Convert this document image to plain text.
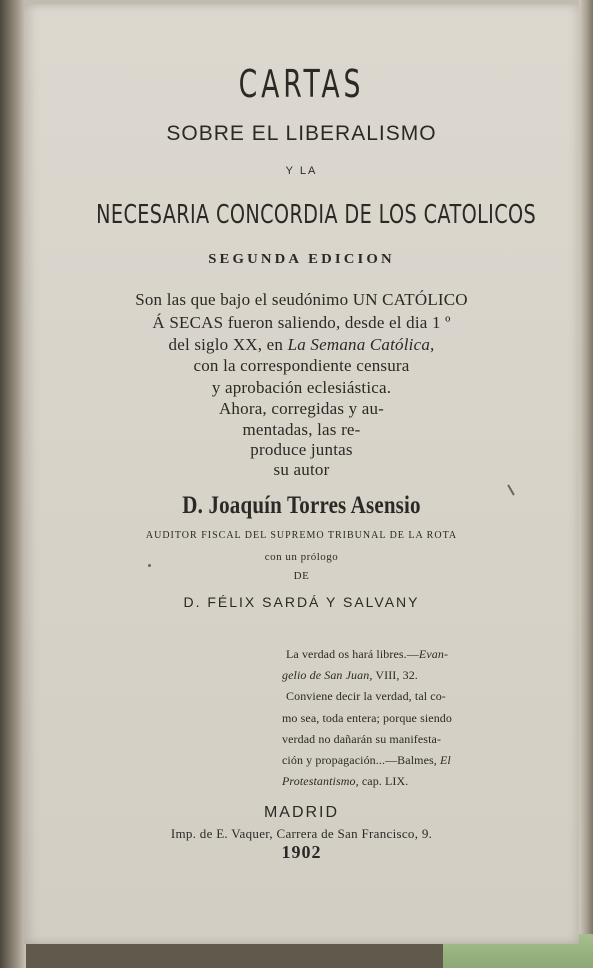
CARTAS
SOBRE EL LIBERALISMO
Y LA
NECESARIA CONCORDIA DE LOS CATOLICOS
SEGUNDA EDICION
Son las que bajo el seudónimo UN CATÓLICO
Á SECAS fueron saliendo, desde el dia 1 º
del siglo XX, en La Semana Católica,
con la correspondiente censura
y aprobación eclesiástica.
Ahora, corregidas y au-
mentadas, las re-
produce juntas
su autor
D. Joaquín Torres Asensio
AUDITOR FISCAL DEL SUPREMO TRIBUNAL DE LA ROTA
con un prólogo
DE
D. FÉLIX SARDÁ Y SALVANY
La verdad os hará libres.—Evan-
gelio de San Juan, VIII, 32.
Conviene decir la verdad, tal co-
mo sea, toda entera; porque siendo
verdad no dañarán su manifesta-
ción y propagación...—Balmes, El
Protestantismo, cap. LIX.
MADRID
Imp. de E. Vaquer, Carrera de San Francisco, 9.
1902
